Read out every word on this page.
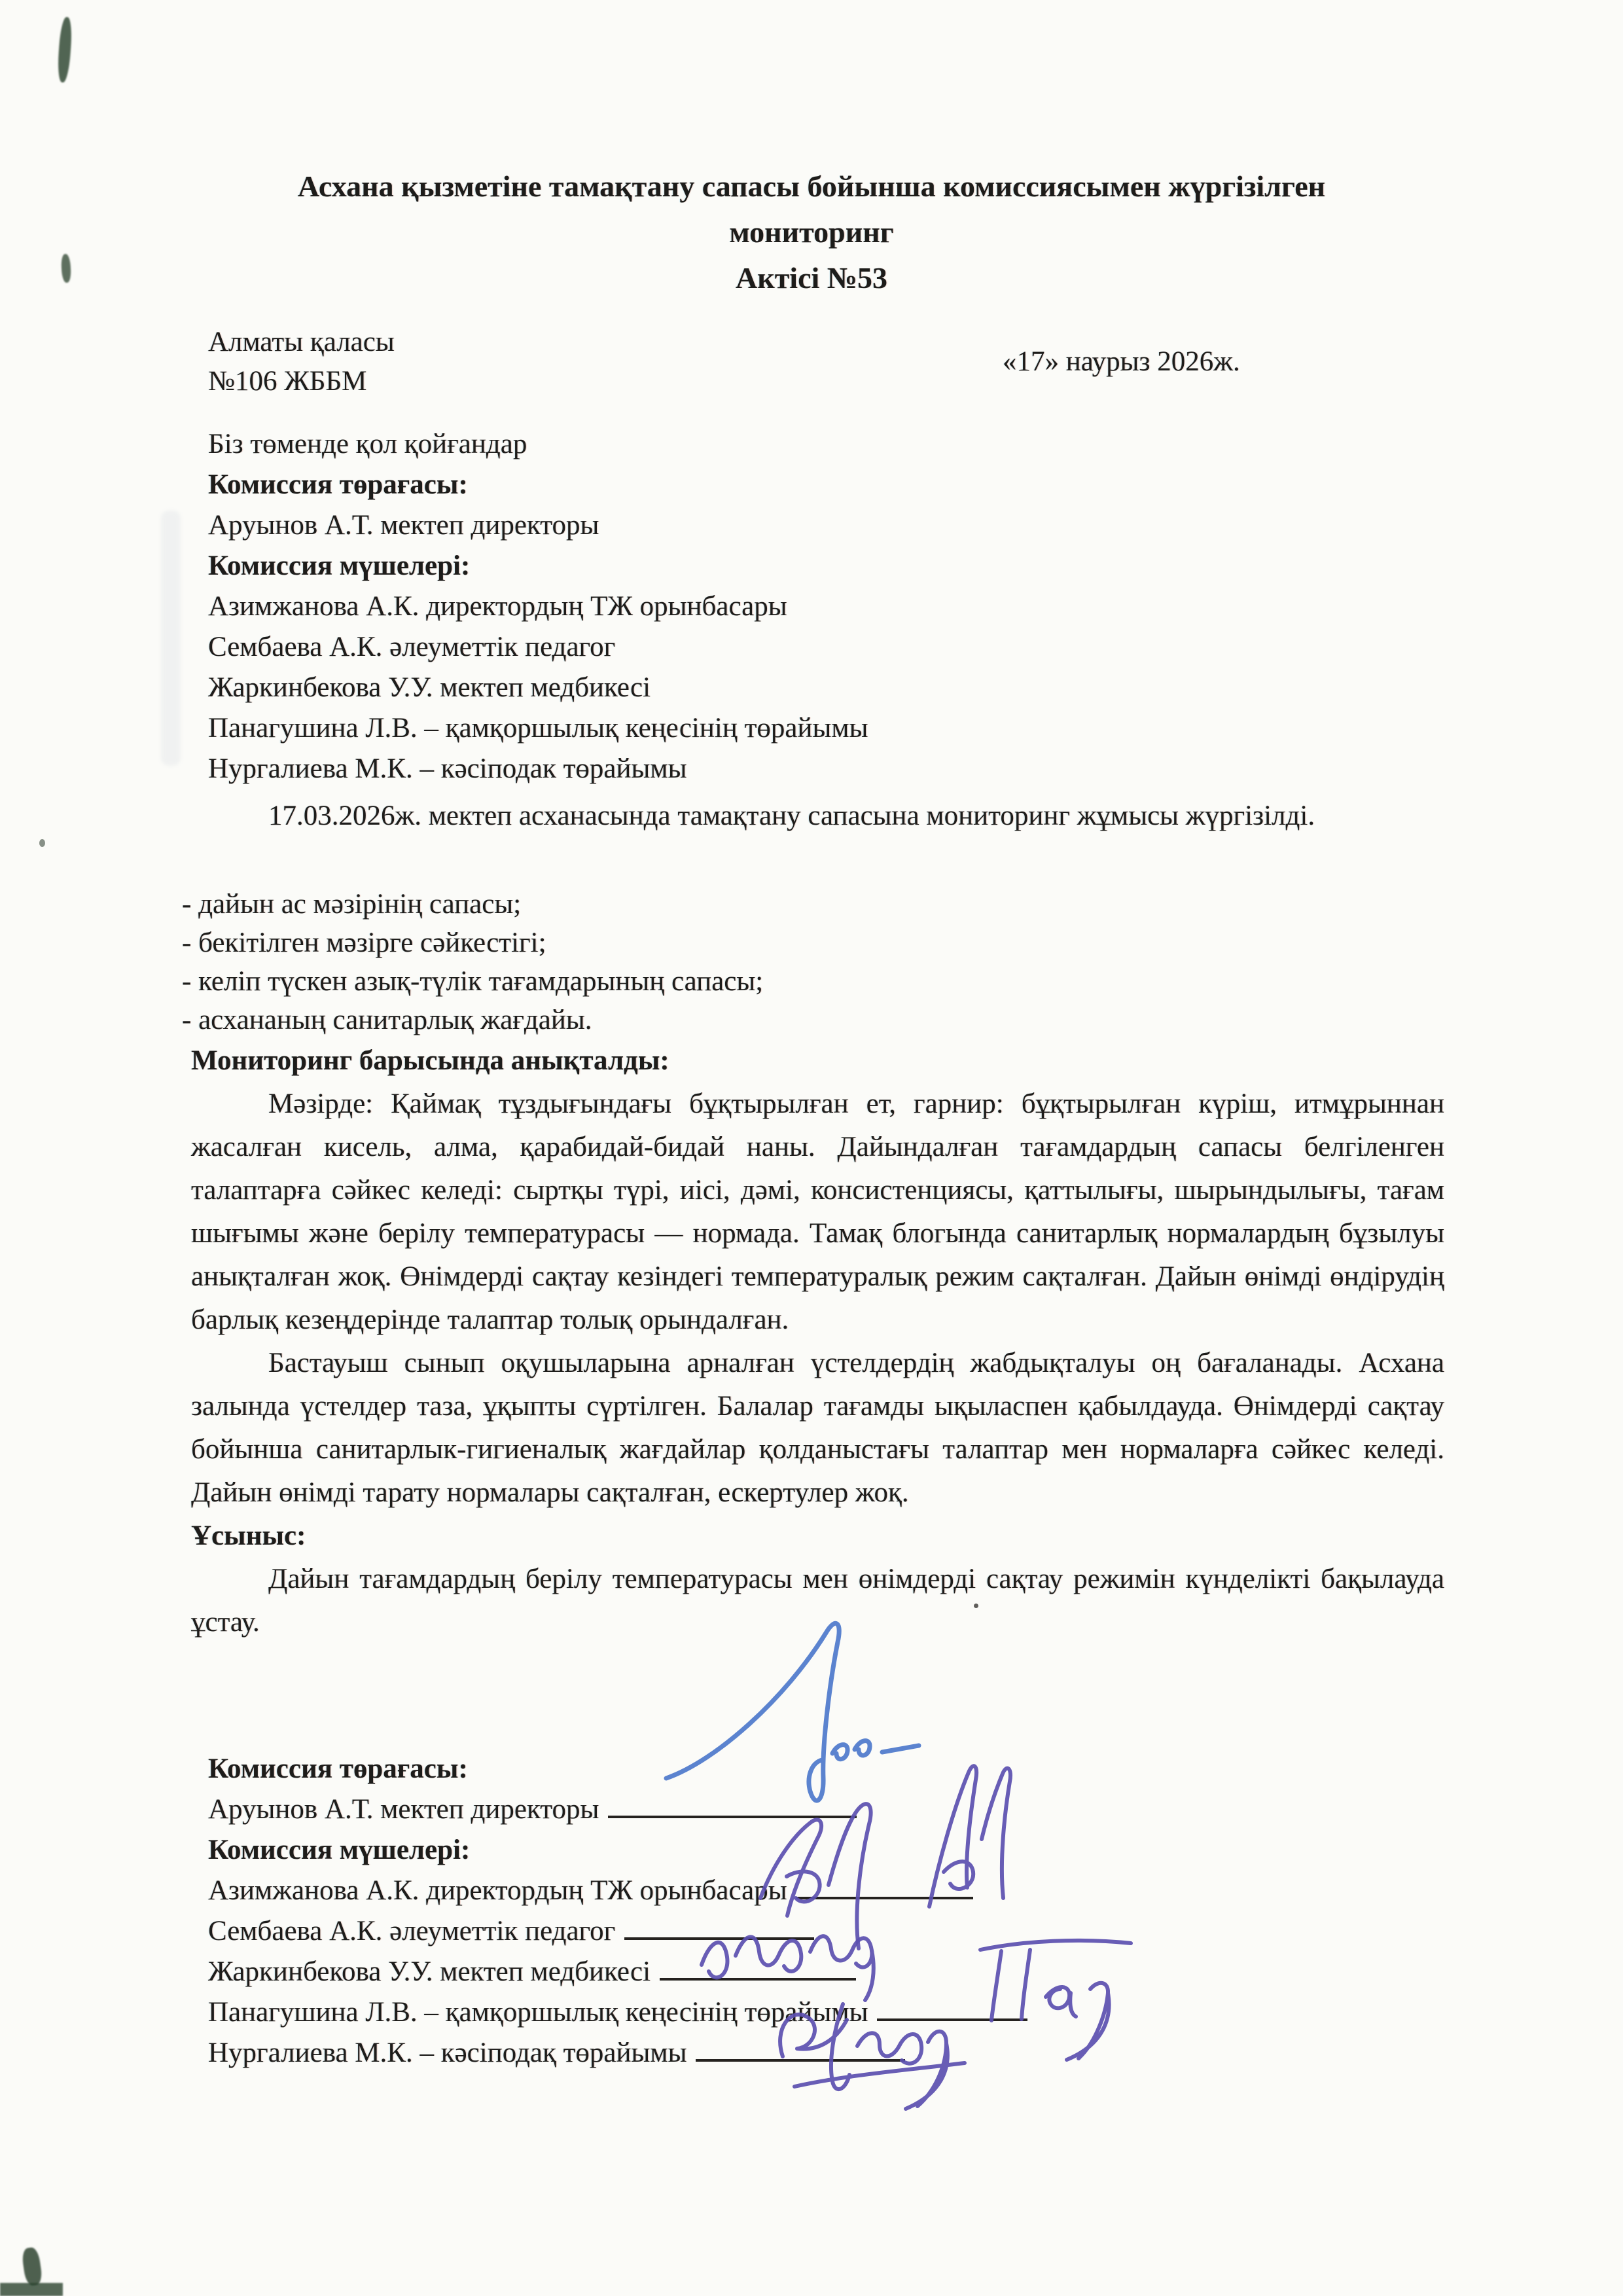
Асхана қызметіне тамақтану сапасы бойынша комиссиясымен жүргізілген
мониторинг
Актісі №53
Алматы қаласы
№106 ЖББМ
«17» наурыз 2026ж.
Біз төменде қол қойғандар
Комиссия төрағасы:
Аруынов А.Т. мектеп директоры
Комиссия мүшелері:
Азимжанова А.К. директордың ТЖ орынбасары
Сембаева А.К. әлеуметтік педагог
Жаркинбекова У.У. мектеп медбикесі
Панагушина Л.В. – қамқоршылық кеңесінің төрайымы
Нургалиева М.К. – кәсіподак төрайымы
17.03.2026ж. мектеп асханасында тамақтану сапасына мониторинг жұмысы жүргізілді.
- дайын ас мәзірінің сапасы;
- бекітілген мәзірге сәйкестігі;
- келіп түскен азық-түлік тағамдарының сапасы;
- асхананың санитарлық жағдайы.

Мониторинг барысында анықталды:

Мәзірде: Қаймақ тұздығындағы бұқтырылған ет, гарнир: бұқтырылған күріш, итмұрыннан жасалған кисель, алма, қарабидай-бидай наны. Дайындалған тағамдардың сапасы белгіленген талаптарға сәйкес келеді: сыртқы түрі, иісі, дәмі, консистенциясы, қаттылығы, шырындылығы, тағам шығымы және берілу температурасы — нормада. Тамақ блогында санитарлық нормалардың бұзылуы анықталған жоқ. Өнімдерді сақтау кезіндегі температуралық режим сақталған. Дайын өнімді өндірудің барлық кезеңдерінде талаптар толық орындалған.

Бастауыш сынып оқушыларына арналған үстелдердің жабдықталуы оң бағаланады. Асхана залында үстелдер таза, ұқыпты сүртілген. Балалар тағамды ықыласпен қабылдауда. Өнімдерді сақтау бойынша санитарлык-гигиеналық жағдайлар қолданыстағы талаптар мен нормаларға сәйкес келеді. Дайын өнімді тарату нормалары сақталған, ескертулер жоқ.

Ұсыныс:

Дайын тағамдардың берілу температурасы мен өнімдерді сақтау режимін күнделікті бақылауда ұстау.

Комиссия төрағасы:
Аруынов А.Т. мектеп директоры
Комиссия мүшелері:
Азимжанова А.К. директордың ТЖ орынбасары
Сембаева А.К. әлеуметтік педагог
Жаркинбекова У.У. мектеп медбикесі
Панагушина Л.В. – қамқоршылық кеңесінің төрайымы
Нургалиева М.К. – кәсіподақ төрайымы
